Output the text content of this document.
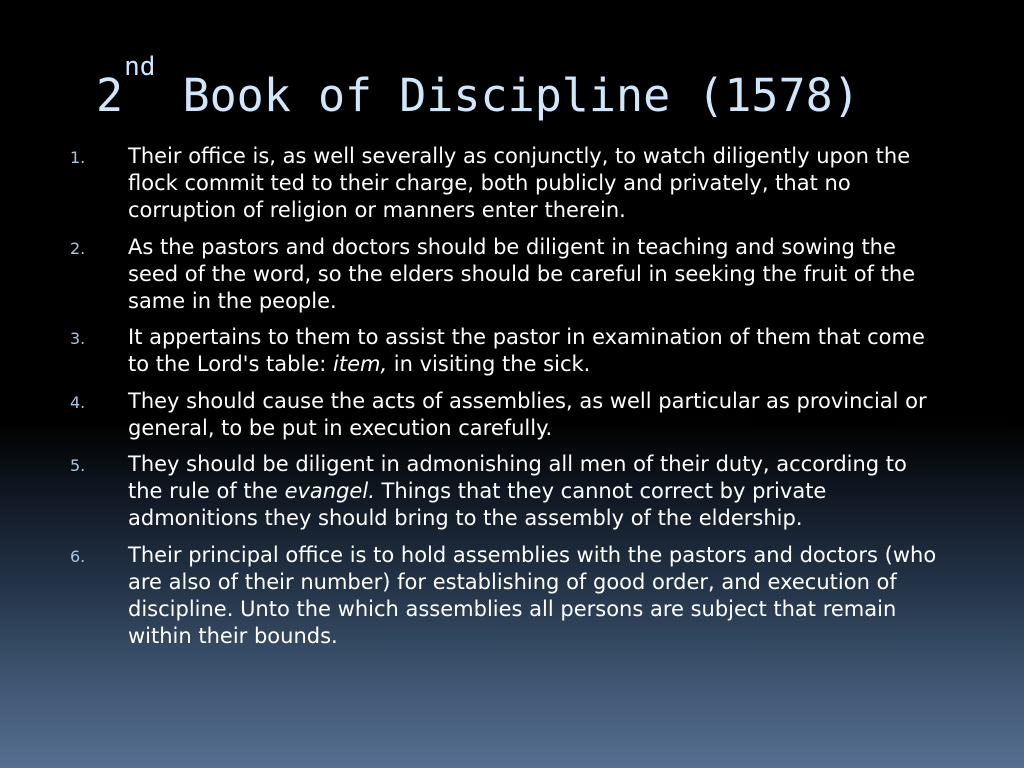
2nd Book of Discipline (1578)
1. Their office is, as well severally as conjunctly, to watch diligently upon the flock commit ted to their charge, both publicly and privately, that no corruption of religion or manners enter therein.
2. As the pastors and doctors should be diligent in teaching and sowing the seed of the word, so the elders should be careful in seeking the fruit of the same in the people.
3. It appertains to them to assist the pastor in examination of them that come to the Lord's table: item, in visiting the sick.
4. They should cause the acts of assemblies, as well particular as provincial or general, to be put in execution carefully.
5. They should be diligent in admonishing all men of their duty, according to the rule of the evangel. Things that they cannot correct by private admonitions they should bring to the assembly of the eldership.
6. Their principal office is to hold assemblies with the pastors and doctors (who are also of their number) for establishing of good order, and execution of discipline. Unto the which assemblies all persons are subject that remain within their bounds.
